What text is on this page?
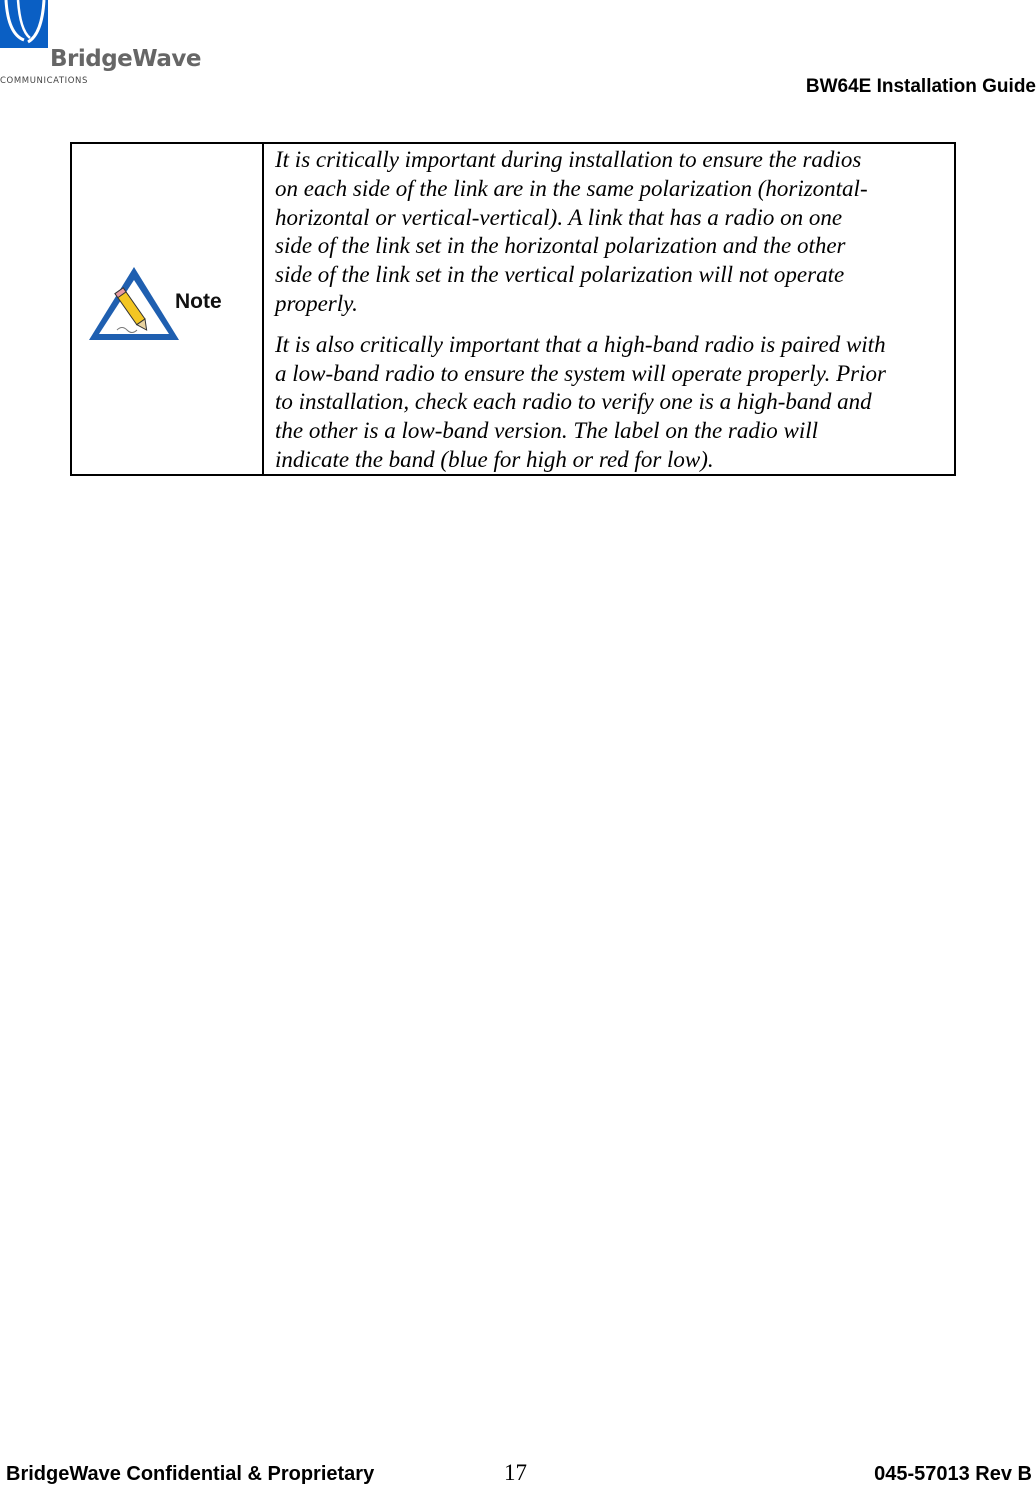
BridgeWave
COMMUNICATIONS	BW64E Installation Guide
Note

It is critically important during installation to ensure the radios
on each side of the link are in the same polarization (horizontal-
horizontal or vertical-vertical). A link that has a radio on one
side of the link set in the horizontal polarization and the other
side of the link set in the vertical polarization will not operate
properly.

It is also critically important that a high-band radio is paired with
a low-band radio to ensure the system will operate properly. Prior
to installation, check each radio to verify one is a high-band and
the other is a low-band version. The label on the radio will
indicate the band (blue for high or red for low).

BridgeWave Confidential & Proprietary	17	045-57013 Rev B
